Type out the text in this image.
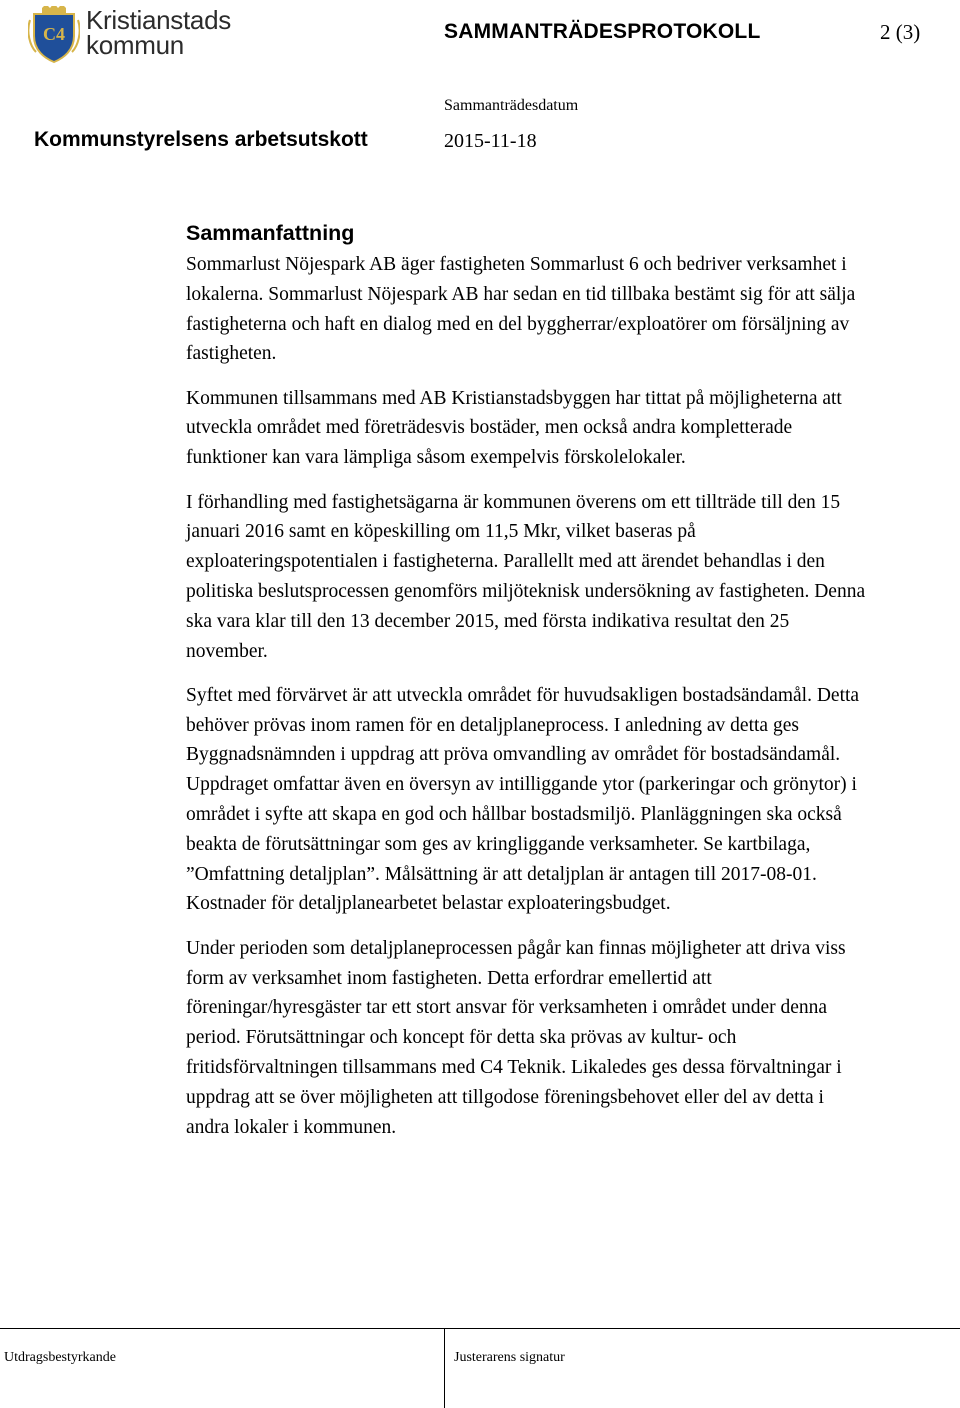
C4 Kristianstads
kommun	SAMMANTRÄDESPROTOKOLL	2 (3)
Kommunstyrelsens arbetsutskott
Sammanträdesdatum
2015-11-18
Sammanfattning

Sommarlust Nöjespark AB äger fastigheten Sommarlust 6 och bedriver verksamhet i lokalerna. Sommarlust Nöjespark AB har sedan en tid tillbaka bestämt sig för att sälja fastigheterna och haft en dialog med en del byggherrar/exploatörer om försäljning av fastigheten.

Kommunen tillsammans med AB Kristianstadsbyggen har tittat på möjligheterna att utveckla området med företrädesvis bostäder, men också andra kompletterade funktioner kan vara lämpliga såsom exempelvis förskolelokaler.

I förhandling med fastighetsägarna är kommunen överens om ett tillträde till den 15 januari 2016 samt en köpeskilling om 11,5 Mkr, vilket baseras på exploateringspotentialen i fastigheterna. Parallellt med att ärendet behandlas i den politiska beslutsprocessen genomförs miljöteknisk undersökning av fastigheten. Denna ska vara klar till den 13 december 2015, med första indikativa resultat den 25 november.

Syftet med förvärvet är att utveckla området för huvudsakligen bostadsändamål. Detta behöver prövas inom ramen för en detaljplaneprocess. I anledning av detta ges Byggnadsnämnden i uppdrag att pröva omvandling av området för bostadsändamål. Uppdraget omfattar även en översyn av intilliggande ytor (parkeringar och grönytor) i området i syfte att skapa en god och hållbar bostadsmiljö. Planläggningen ska också beakta de förutsättningar som ges av kringliggande verksamheter. Se kartbilaga, ”Omfattning detaljplan”. Målsättning är att detaljplan är antagen till 2017-08-01. Kostnader för detaljplanearbetet belastar exploateringsbudget.

Under perioden som detaljplaneprocessen pågår kan finnas möjligheter att driva viss form av verksamhet inom fastigheten. Detta erfordrar emellertid att föreningar/hyresgäster tar ett stort ansvar för verksamheten i området under denna period. Förutsättningar och koncept för detta ska prövas av kultur- och fritidsförvaltningen tillsammans med C4 Teknik. Likaledes ges dessa förvaltningar i uppdrag att se över möjligheten att tillgodose föreningsbehovet eller del av detta i andra lokaler i kommunen.

Utdragsbestyrkande	Justerarens signatur
